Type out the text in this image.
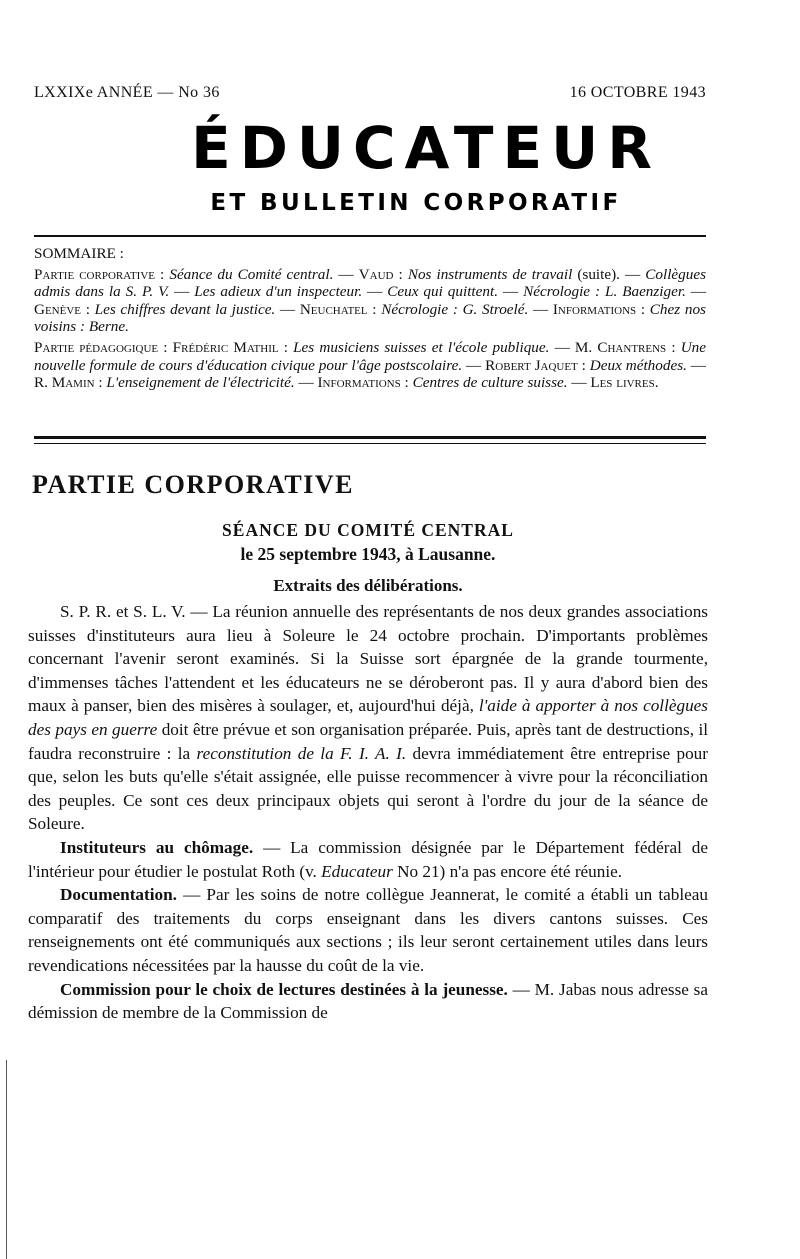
LXXIXe ANNÉE — No 36	16 OCTOBRE 1943
ÉDUCATEUR
ET BULLETIN CORPORATIF
SOMMAIRE :

Partie corporative : Séance du Comité central. — Vaud : Nos instruments de travail (suite). — Collègues admis dans la S. P. V. — Les adieux d'un inspecteur. — Ceux qui quittent. — Nécrologie : L. Baenziger. — Genève : Les chiffres devant la justice. — Neuchatel : Nécrologie : G. Stroelé. — Informations : Chez nos voisins : Berne.

Partie pédagogique : Frédéric Mathil : Les musiciens suisses et l'école publique. — M. Chantrens : Une nouvelle formule de cours d'éducation civique pour l'âge postscolaire. — Robert Jaquet : Deux méthodes. — R. Mamin : L'enseignement de l'électricité. — Informations : Centres de culture suisse. — Les livres.

PARTIE CORPORATIVE
SÉANCE DU COMITÉ CENTRAL
le 25 septembre 1943, à Lausanne.
Extraits des délibérations.

S. P. R. et S. L. V. — La réunion annuelle des représentants de nos deux grandes associations suisses d'instituteurs aura lieu à Soleure le 24 octobre prochain. D'importants problèmes concernant l'avenir seront examinés. Si la Suisse sort épargnée de la grande tourmente, d'immenses tâches l'attendent et les éducateurs ne se déroberont pas. Il y aura d'abord bien des maux à panser, bien des misères à soulager, et, aujourd'hui déjà, l'aide à apporter à nos collègues des pays en guerre doit être prévue et son organisation préparée. Puis, après tant de destructions, il faudra reconstruire : la reconstitution de la F. I. A. I. devra immédiatement être entreprise pour que, selon les buts qu'elle s'était assignée, elle puisse recommencer à vivre pour la réconciliation des peuples. Ce sont ces deux principaux objets qui seront à l'ordre du jour de la séance de Soleure.

Instituteurs au chômage. — La commission désignée par le Département fédéral de l'intérieur pour étudier le postulat Roth (v. Educateur No 21) n'a pas encore été réunie.

Documentation. — Par les soins de notre collègue Jeannerat, le comité a établi un tableau comparatif des traitements du corps enseignant dans les divers cantons suisses. Ces renseignements ont été communiqués aux sections ; ils leur seront certainement utiles dans leurs revendications nécessitées par la hausse du coût de la vie.

Commission pour le choix de lectures destinées à la jeunesse. — M. Jabas nous adresse sa démission de membre de la Commission de
